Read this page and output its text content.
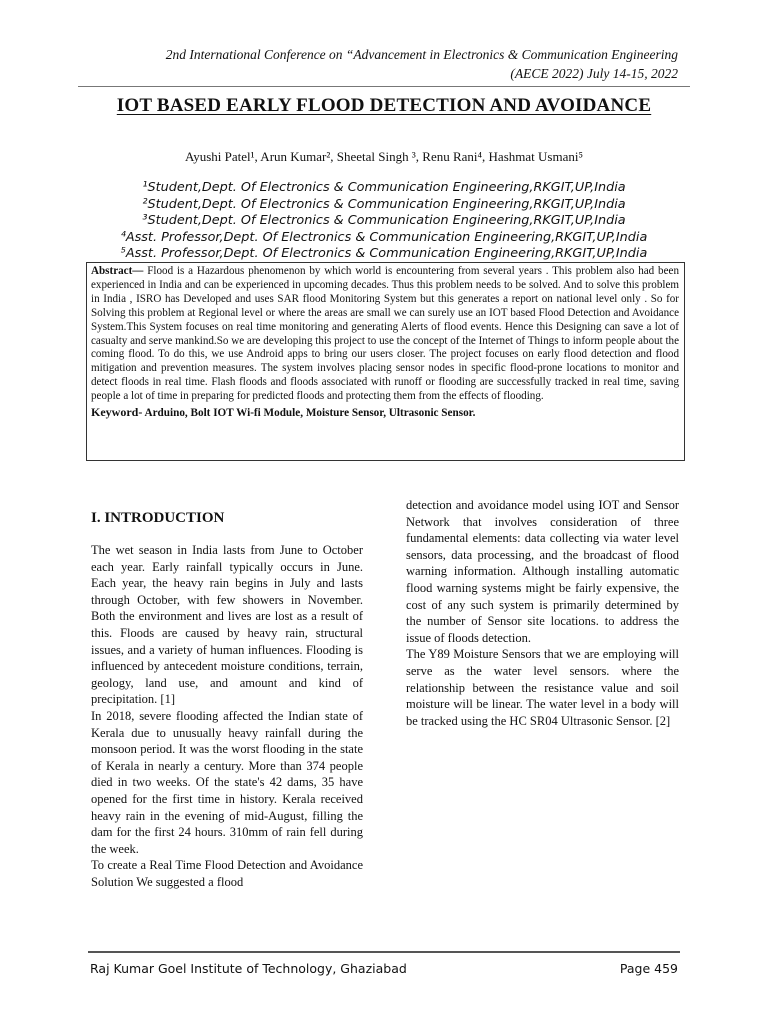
2nd International Conference on “Advancement in Electronics & Communication Engineering
(AECE 2022) July 14-15, 2022
IOT BASED EARLY FLOOD DETECTION AND AVOIDANCE
Ayushi Patel¹, Arun Kumar², Sheetal Singh ³, Renu Rani⁴, Hashmat Usmani⁵
¹Student,Dept. Of Electronics & Communication Engineering,RKGIT,UP,India
²Student,Dept. Of Electronics & Communication Engineering,RKGIT,UP,India
³Student,Dept. Of Electronics & Communication Engineering,RKGIT,UP,India
⁴Asst. Professor,Dept. Of Electronics & Communication Engineering,RKGIT,UP,India
⁵Asst. Professor,Dept. Of Electronics & Communication Engineering,RKGIT,UP,India

Abstract— Flood is a Hazardous phenomenon by which world is encountering from several years . This problem also had been experienced in India and can be experienced in upcoming decades. Thus this problem needs to be solved. And to solve this problem in India , ISRO has Developed and uses SAR flood Monitoring System but this generates a report on national level only . So for Solving this problem at Regional level or where the areas are small we can surely use an IOT based Flood Detection and Avoidance System.This System focuses on real time monitoring and generating Alerts of flood events. Hence this Designing can save a lot of casualty and serve mankind.So we are developing this project to use the concept of the Internet of Things to inform people about the coming flood. To do this, we use Android apps to bring our users closer. The project focuses on early flood detection and flood mitigation and prevention measures. The system involves placing sensor nodes in specific flood-prone locations to monitor and detect floods in real time. Flash floods and floods associated with runoff or flooding are successfully tracked in real time, saving people a lot of time in preparing for predicted floods and protecting them from the effects of flooding.

Keyword- Arduino, Bolt IOT Wi-fi Module, Moisture Sensor, Ultrasonic Sensor.

I. INTRODUCTION

The wet season in India lasts from June to October each year. Early rainfall typically occurs in June. Each year, the heavy rain begins in July and lasts through October, with few showers in November. Both the environment and lives are lost as a result of this. Floods are caused by heavy rain, structural issues, and a variety of human influences. Flooding is influenced by antecedent moisture conditions, terrain, geology, land use, and amount and kind of precipitation. [1]

In 2018, severe flooding affected the Indian state of Kerala due to unusually heavy rainfall during the monsoon period. It was the worst flooding in the state of Kerala in nearly a century. More than 374 people died in two weeks. Of the state's 42 dams, 35 have opened for the first time in history. Kerala received heavy rain in the evening of mid-August, filling the dam for the first 24 hours. 310mm of rain fell during the week.

To create a Real Time Flood Detection and Avoidance Solution We suggested a flood

detection and avoidance model using IOT and Sensor Network that involves consideration of three fundamental elements: data collecting via water level sensors, data processing, and the broadcast of flood warning information. Although installing automatic flood warning systems might be fairly expensive, the cost of any such system is primarily determined by the number of Sensor site locations. to address the issue of floods detection.

The Y89 Moisture Sensors that we are employing will serve as the water level sensors. where the relationship between the resistance value and soil moisture will be linear. The water level in a body will be tracked using the HC SR04 Ultrasonic Sensor. [2]

Raj Kumar Goel Institute of Technology, Ghaziabad	Page 459
